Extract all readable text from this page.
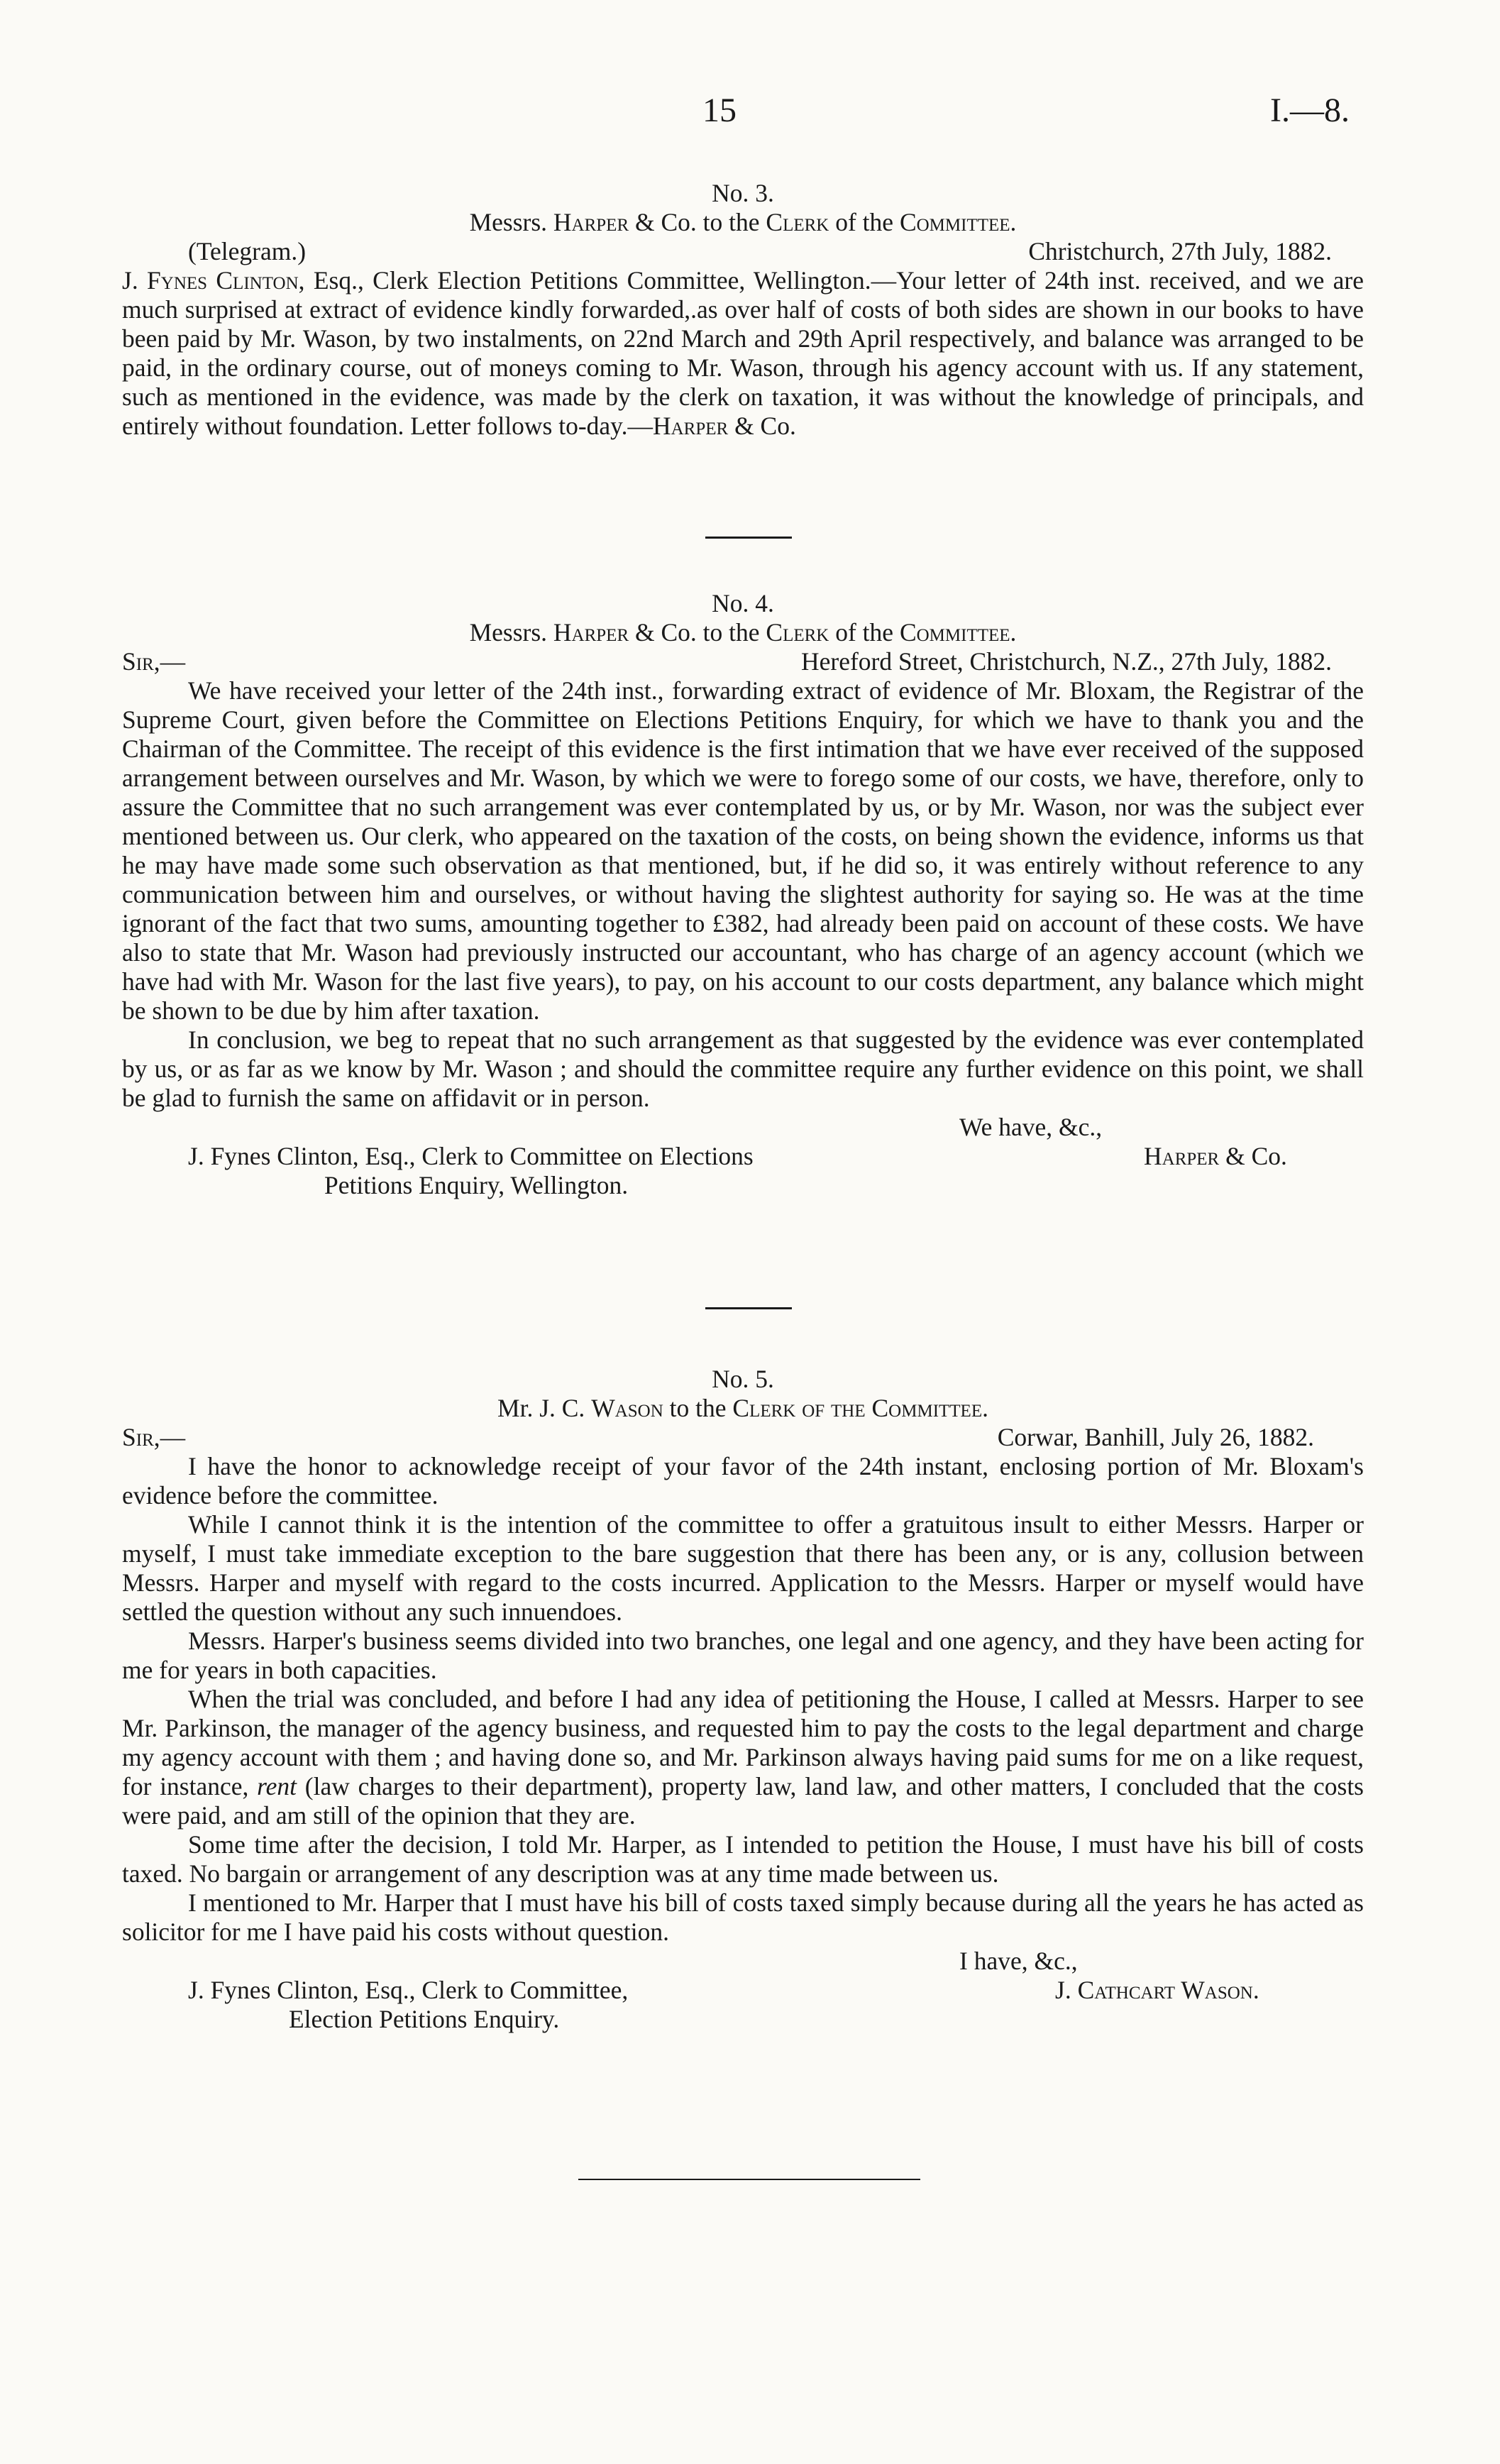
15	I.—8.
No. 3.
Messrs. Harper & Co. to the Clerk of the Committee.
(Telegram.)	Christchurch, 27th July, 1882.

J. Fynes Clinton, Esq., Clerk Election Petitions Committee, Wellington.—Your letter of 24th inst. received, and we are much surprised at extract of evidence kindly forwarded,.as over half of costs of both sides are shown in our books to have been paid by Mr. Wason, by two instalments, on 22nd March and 29th April respectively, and balance was arranged to be paid, in the ordinary course, out of moneys coming to Mr. Wason, through his agency account with us. If any statement, such as mentioned in the evidence, was made by the clerk on taxation, it was without the knowledge of principals, and entirely without foundation. Letter follows to-day.—Harper & Co.

No. 4.
Messrs. Harper & Co. to the Clerk of the Committee.
Sir,—	Hereford Street, Christchurch, N.Z., 27th July, 1882.

We have received your letter of the 24th inst., forwarding extract of evidence of Mr. Bloxam, the Registrar of the Supreme Court, given before the Committee on Elections Petitions Enquiry, for which we have to thank you and the Chairman of the Committee. The receipt of this evidence is the first intimation that we have ever received of the supposed arrangement between ourselves and Mr. Wason, by which we were to forego some of our costs, we have, therefore, only to assure the Committee that no such arrangement was ever contemplated by us, or by Mr. Wason, nor was the subject ever mentioned between us. Our clerk, who appeared on the taxation of the costs, on being shown the evidence, informs us that he may have made some such observation as that mentioned, but, if he did so, it was entirely without reference to any communication between him and ourselves, or without having the slightest authority for saying so. He was at the time ignorant of the fact that two sums, amounting together to £382, had already been paid on account of these costs. We have also to state that Mr. Wason had previously instructed our accountant, who has charge of an agency account (which we have had with Mr. Wason for the last five years), to pay, on his account to our costs department, any balance which might be shown to be due by him after taxation.

In conclusion, we beg to repeat that no such arrangement as that suggested by the evidence was ever contemplated by us, or as far as we know by Mr. Wason ; and should the committee require any further evidence on this point, we shall be glad to furnish the same on affidavit or in person.

We have, &c.,
J. Fynes Clinton, Esq., Clerk to Committee on Elections	Harper & Co.
Petitions Enquiry, Wellington.
No. 5.
Mr. J. C. Wason to the Clerk of the Committee.
Sir,—	Corwar, Banhill, July 26, 1882.

I have the honor to acknowledge receipt of your favor of the 24th instant, enclosing portion of Mr. Bloxam's evidence before the committee.

While I cannot think it is the intention of the committee to offer a gratuitous insult to either Messrs. Harper or myself, I must take immediate exception to the bare suggestion that there has been any, or is any, collusion between Messrs. Harper and myself with regard to the costs incurred. Application to the Messrs. Harper or myself would have settled the question without any such innuendoes.

Messrs. Harper's business seems divided into two branches, one legal and one agency, and they have been acting for me for years in both capacities.

When the trial was concluded, and before I had any idea of petitioning the House, I called at Messrs. Harper to see Mr. Parkinson, the manager of the agency business, and requested him to pay the costs to the legal department and charge my agency account with them ; and having done so, and Mr. Parkinson always having paid sums for me on a like request, for instance, rent (law charges to their department), property law, land law, and other matters, I concluded that the costs were paid, and am still of the opinion that they are.

Some time after the decision, I told Mr. Harper, as I intended to petition the House, I must have his bill of costs taxed. No bargain or arrangement of any description was at any time made between us.

I mentioned to Mr. Harper that I must have his bill of costs taxed simply because during all the years he has acted as solicitor for me I have paid his costs without question.

I have, &c.,
J. Fynes Clinton, Esq., Clerk to Committee,	J. Cathcart Wason.
Election Petitions Enquiry.
